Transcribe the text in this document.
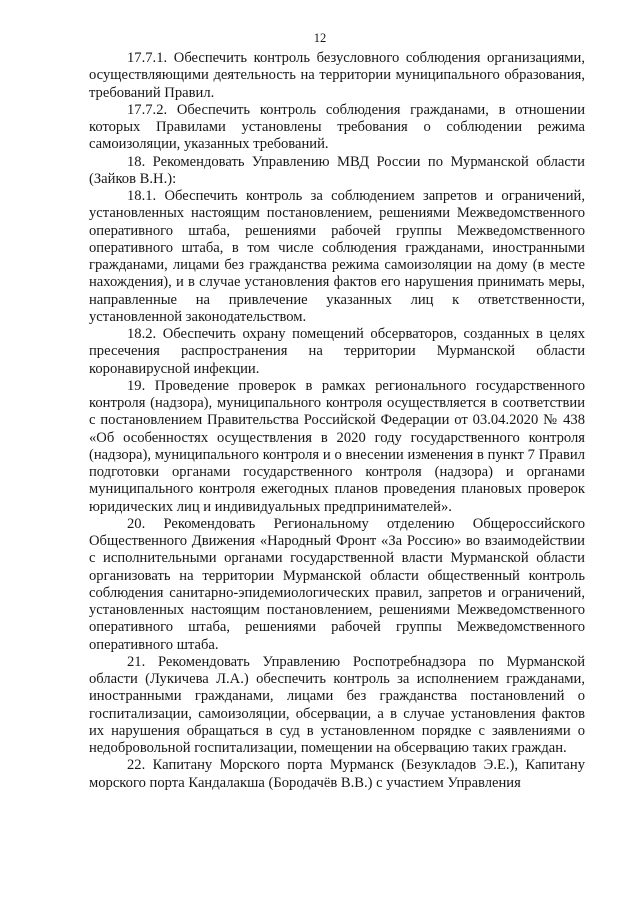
12

17.7.1. Обеспечить контроль безусловного соблюдения организациями, осуществляющими деятельность на территории муниципального образования, требований Правил.

17.7.2. Обеспечить контроль соблюдения гражданами, в отношении которых Правилами установлены требования о соблюдении режима самоизоляции, указанных требований.

18. Рекомендовать Управлению МВД России по Мурманской области (Зайков В.Н.):

18.1. Обеспечить контроль за соблюдением запретов и ограничений, установленных настоящим постановлением, решениями Межведомственного оперативного штаба, решениями рабочей группы Межведомственного оперативного штаба, в том числе соблюдения гражданами, иностранными гражданами, лицами без гражданства режима самоизоляции на дому (в месте нахождения), и в случае установления фактов его нарушения принимать меры, направленные на привлечение указанных лиц к ответственности, установленной законодательством.

18.2. Обеспечить охрану помещений обсерваторов, созданных в целях пресечения распространения на территории Мурманской области коронавирусной инфекции.

19. Проведение проверок в рамках регионального государственного контроля (надзора), муниципального контроля осуществляется в соответствии с постановлением Правительства Российской Федерации от 03.04.2020 № 438 «Об особенностях осуществления в 2020 году государственного контроля (надзора), муниципального контроля и о внесении изменения в пункт 7 Правил подготовки органами государственного контроля (надзора) и органами муниципального контроля ежегодных планов проведения плановых проверок юридических лиц и индивидуальных предпринимателей».

20. Рекомендовать Региональному отделению Общероссийского Общественного Движения «Народный Фронт «За Россию» во взаимодействии с исполнительными органами государственной власти Мурманской области организовать на территории Мурманской области общественный контроль соблюдения санитарно-эпидемиологических правил, запретов и ограничений, установленных настоящим постановлением, решениями Межведомственного оперативного штаба, решениями рабочей группы Межведомственного оперативного штаба.

21. Рекомендовать Управлению Роспотребнадзора по Мурманской области (Лукичева Л.А.) обеспечить контроль за исполнением гражданами, иностранными гражданами, лицами без гражданства постановлений о госпитализации, самоизоляции, обсервации, а в случае установления фактов их нарушения обращаться в суд в установленном порядке с заявлениями о недобровольной госпитализации, помещении на обсервацию таких граждан.

22. Капитану Морского порта Мурманск (Безукладов Э.Е.), Капитану морского порта Кандалакша (Бородачёв В.В.) с участием Управления
